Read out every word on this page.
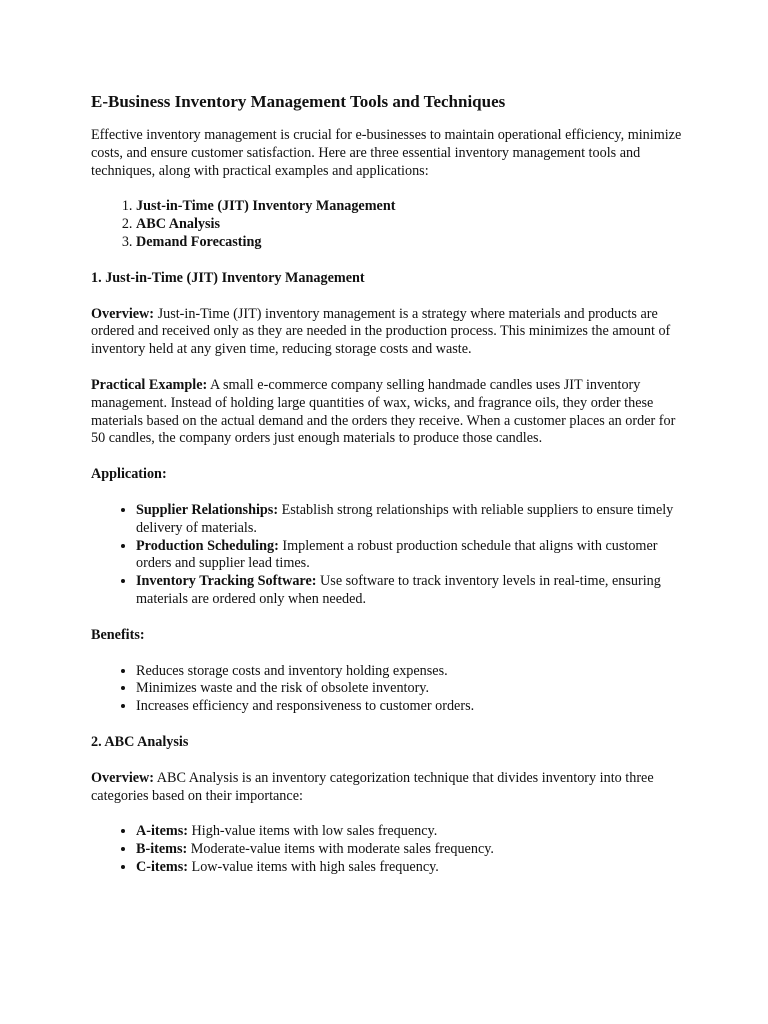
E-Business Inventory Management Tools and Techniques

Effective inventory management is crucial for e-businesses to maintain operational efficiency, minimize costs, and ensure customer satisfaction. Here are three essential inventory management tools and techniques, along with practical examples and applications:

1. Just-in-Time (JIT) Inventory Management
2. ABC Analysis
3. Demand Forecasting
1. Just-in-Time (JIT) Inventory Management

Overview: Just-in-Time (JIT) inventory management is a strategy where materials and products are ordered and received only as they are needed in the production process. This minimizes the amount of inventory held at any given time, reducing storage costs and waste.

Practical Example: A small e-commerce company selling handmade candles uses JIT inventory management. Instead of holding large quantities of wax, wicks, and fragrance oils, they order these materials based on the actual demand and the orders they receive. When a customer places an order for 50 candles, the company orders just enough materials to produce those candles.

Application:

• Supplier Relationships: Establish strong relationships with reliable suppliers to ensure timely delivery of materials.
• Production Scheduling: Implement a robust production schedule that aligns with customer orders and supplier lead times.
• Inventory Tracking Software: Use software to track inventory levels in real-time, ensuring materials are ordered only when needed.

Benefits:

• Reduces storage costs and inventory holding expenses.
• Minimizes waste and the risk of obsolete inventory.
• Increases efficiency and responsiveness to customer orders.
2. ABC Analysis

Overview: ABC Analysis is an inventory categorization technique that divides inventory into three categories based on their importance:

• A-items: High-value items with low sales frequency.
• B-items: Moderate-value items with moderate sales frequency.
• C-items: Low-value items with high sales frequency.
